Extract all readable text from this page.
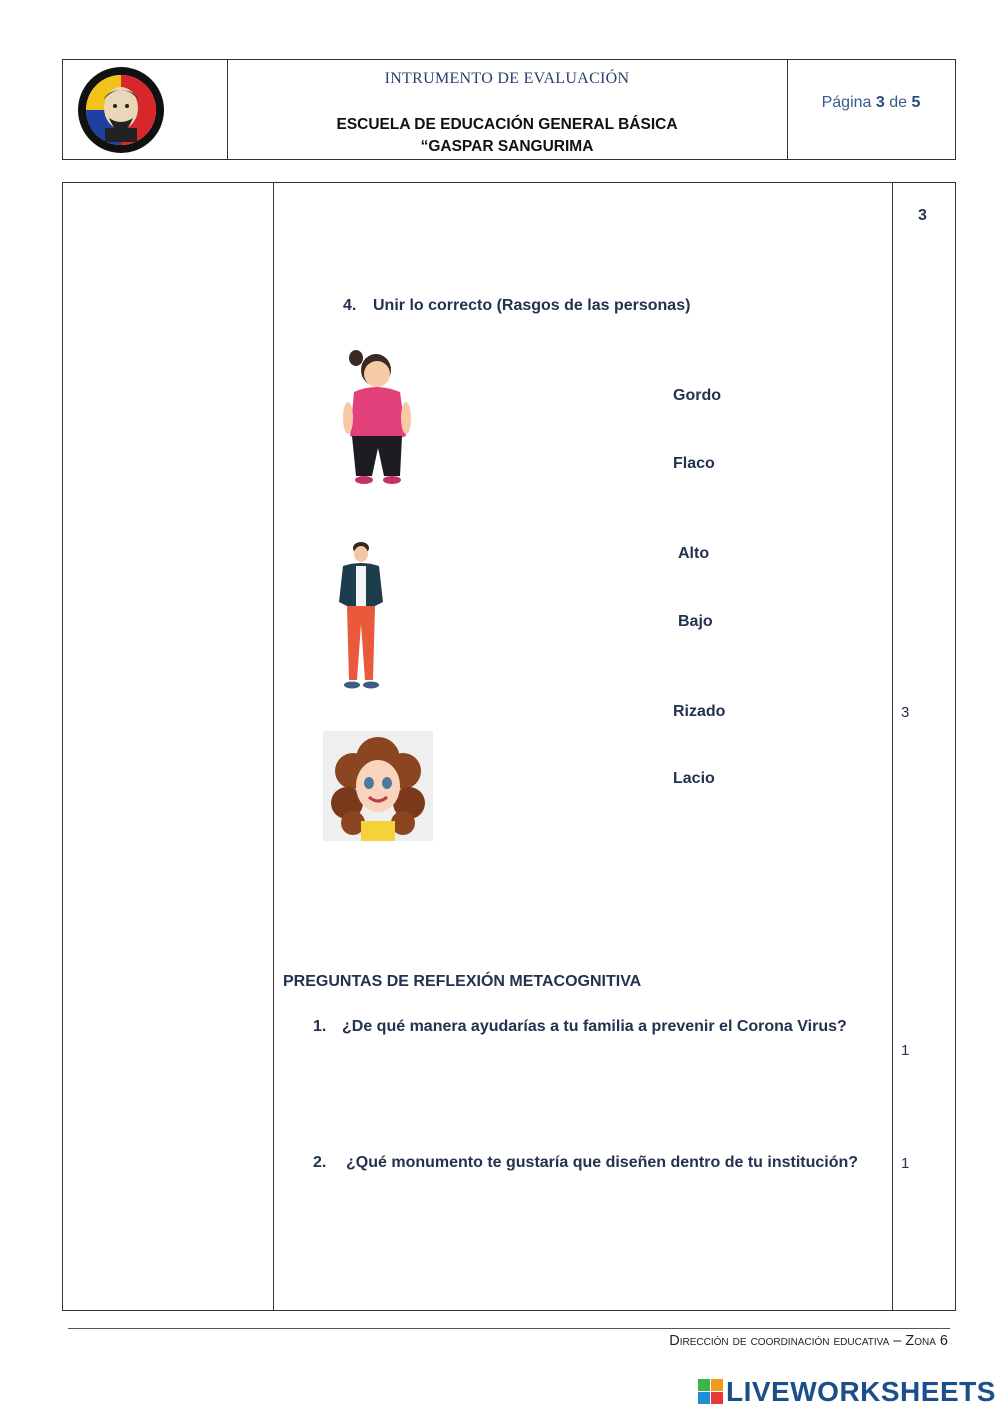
INTRUMENTO DE EVALUACIÓN
ESCUELA DE EDUCACIÓN GENERAL BÁSICA
“GASPAR SANGURIMA
Página 3 de 5
3
4. Unir lo correcto (Rasgos de las personas)
Gordo
Flaco
Alto
Bajo
Rizado
Lacio
3
PREGUNTAS DE REFLEXIÓN METACOGNITIVA
1. ¿De qué manera ayudarías a tu familia a prevenir el Corona Virus?
1
2. ¿Qué monumento te gustaría que diseñen dentro de tu institución?	1
Dirección de coordinación educativa – Zona 6
LIVEWORKSHEETS
